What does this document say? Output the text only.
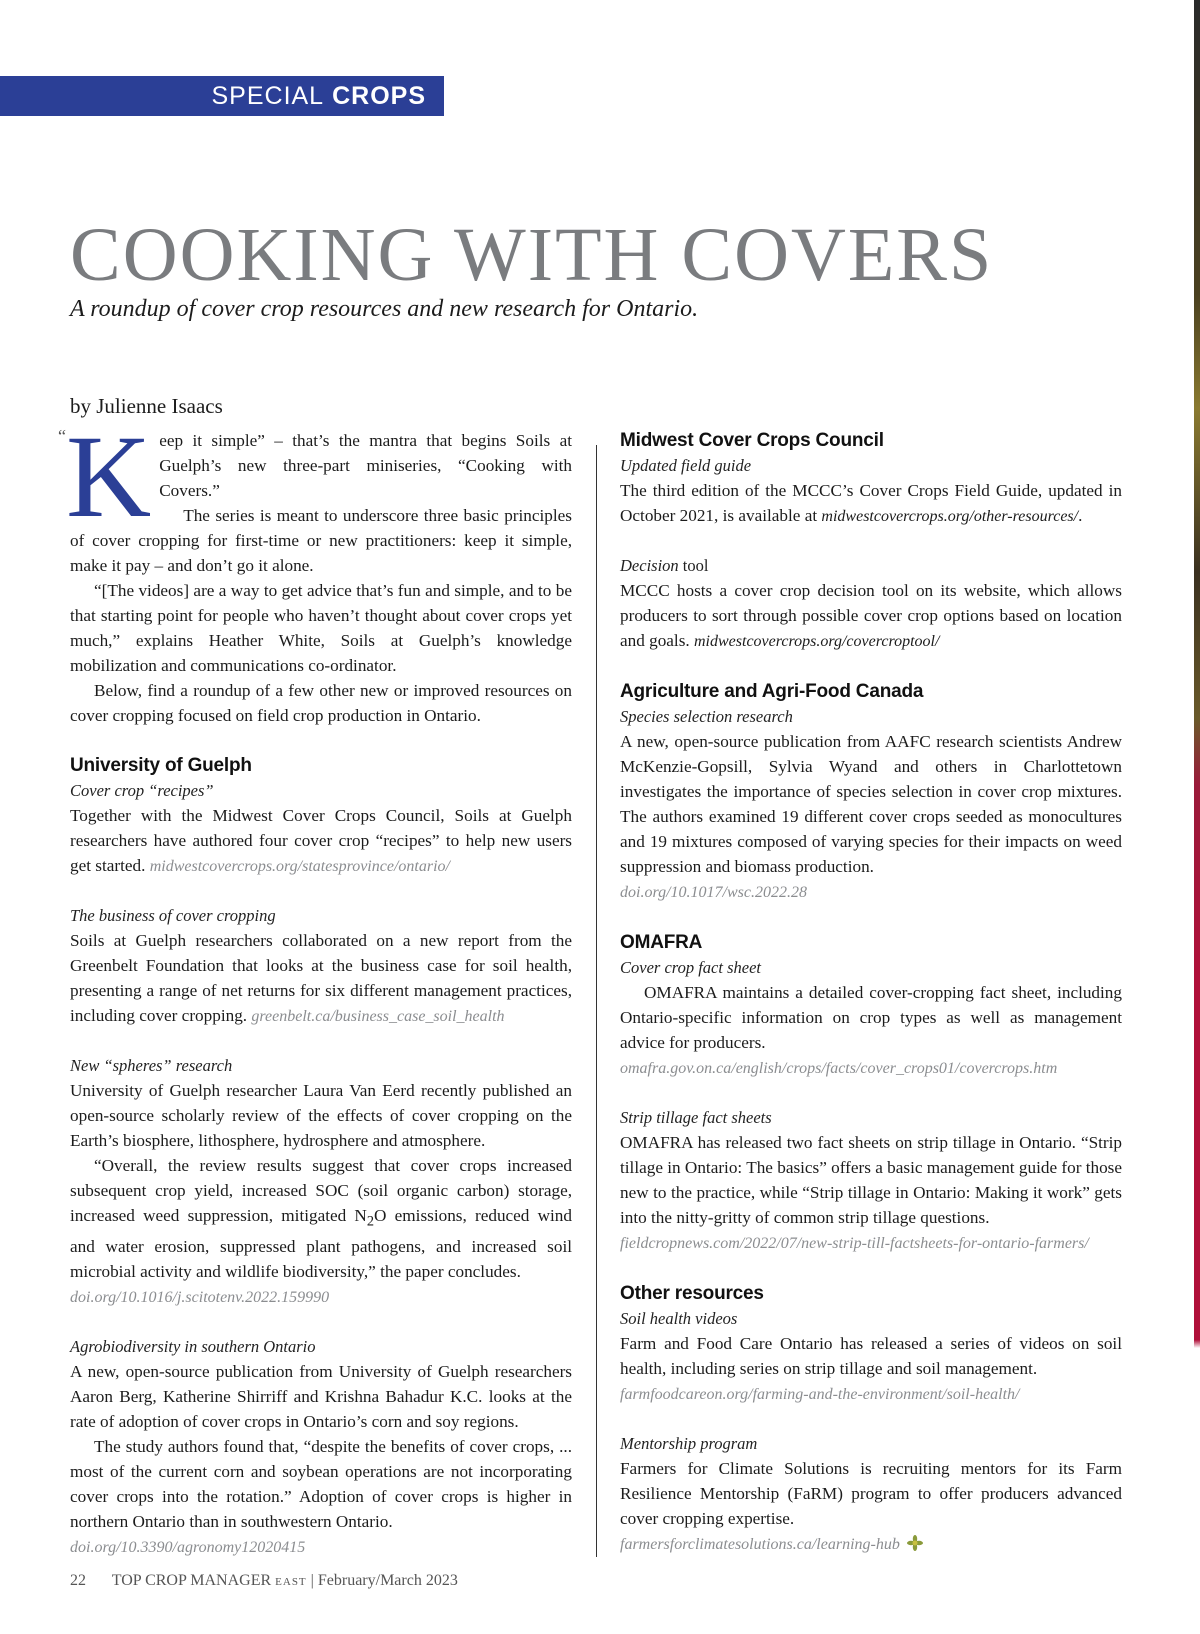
SPECIAL CROPS
COOKING WITH COVERS

A roundup of cover crop resources and new research for Ontario.

by Julienne Isaacs

“ K eep it simple” – that’s the mantra that begins Soils at Guelph’s new three-part miniseries, “Cooking with Covers.”

The series is meant to underscore three basic principles of cover cropping for first-time or new practitioners: keep it simple, make it pay – and don’t go it alone.

“[The videos] are a way to get advice that’s fun and simple, and to be that starting point for people who haven’t thought about cover crops yet much,” explains Heather White, Soils at Guelph’s knowledge mobilization and communications co-ordinator.

Below, find a roundup of a few other new or improved resources on cover cropping focused on field crop production in Ontario.

University of Guelph

Cover crop “recipes”

Together with the Midwest Cover Crops Council, Soils at Guelph researchers have authored four cover crop “recipes” to help new users get started. midwestcovercrops.org/statesprovince/ontario/

The business of cover cropping

Soils at Guelph researchers collaborated on a new report from the Greenbelt Foundation that looks at the business case for soil health, presenting a range of net returns for six different management practices, including cover cropping. greenbelt.ca/business_case_soil_health

New “spheres” research

University of Guelph researcher Laura Van Eerd recently published an open-source scholarly review of the effects of cover cropping on the Earth’s biosphere, lithosphere, hydrosphere and atmosphere.

“Overall, the review results suggest that cover crops increased subsequent crop yield, increased SOC (soil organic carbon) storage, increased weed suppression, mitigated $N_2O$ emissions, reduced wind and water erosion, suppressed plant pathogens, and increased soil microbial activity and wildlife biodiversity,” the paper concludes.

doi.org/10.1016/j.scitotenv.2022.159990

Agrobiodiversity in southern Ontario

A new, open-source publication from University of Guelph researchers Aaron Berg, Katherine Shirriff and Krishna Bahadur K.C. looks at the rate of adoption of cover crops in Ontario’s corn and soy regions.

The study authors found that, “despite the benefits of cover crops, ... most of the current corn and soybean operations are not incorporating cover crops into the rotation.” Adoption of cover crops is higher in northern Ontario than in southwestern Ontario.

doi.org/10.3390/agronomy12020415

Midwest Cover Crops Council

Updated field guide

The third edition of the MCCC’s Cover Crops Field Guide, updated in October 2021, is available at midwestcovercrops.org/other-resources/.

Decision tool

MCCC hosts a cover crop decision tool on its website, which allows producers to sort through possible cover crop options based on location and goals. midwestcovercrops.org/covercroptool/

Agriculture and Agri-Food Canada

Species selection research

A new, open-source publication from AAFC research scientists Andrew McKenzie-Gopsill, Sylvia Wyand and others in Charlottetown investigates the importance of species selection in cover crop mixtures. The authors examined 19 different cover crops seeded as monocultures and 19 mixtures composed of varying species for their impacts on weed suppression and biomass production.

doi.org/10.1017/wsc.2022.28

OMAFRA

Cover crop fact sheet

OMAFRA maintains a detailed cover-cropping fact sheet, including Ontario-specific information on crop types as well as management advice for producers.

omafra.gov.on.ca/english/crops/facts/cover_crops01/covercrops.htm

Strip tillage fact sheets

OMAFRA has released two fact sheets on strip tillage in Ontario. “Strip tillage in Ontario: The basics” offers a basic management guide for those new to the practice, while “Strip tillage in Ontario: Making it work” gets into the nitty-gritty of common strip tillage questions.

fieldcropnews.com/2022/07/new-strip-till-factsheets-for-ontario-farmers/

Other resources

Soil health videos

Farm and Food Care Ontario has released a series of videos on soil health, including series on strip tillage and soil management.

farmfoodcareon.org/farming-and-the-environment/soil-health/

Mentorship program

Farmers for Climate Solutions is recruiting mentors for its Farm Resilience Mentorship (FaRM) program to offer producers advanced cover cropping expertise.

farmersforclimatesolutions.ca/learning-hub

22 TOP CROP MANAGER EAST | February/March 2023
